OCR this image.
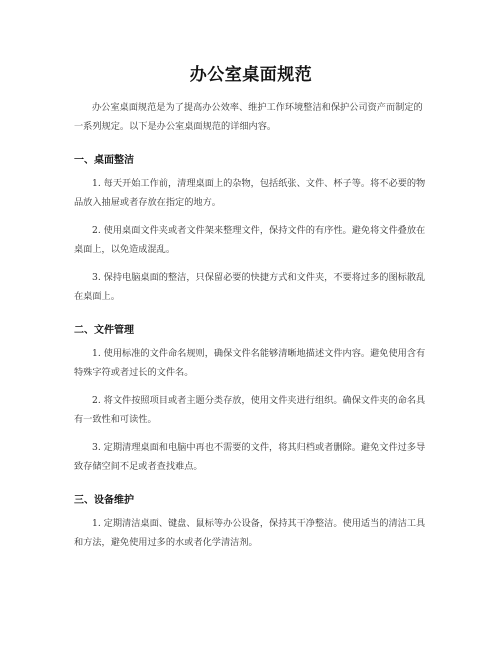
办公室桌面规范

办公室桌面规范是为了提高办公效率、维护工作环境整洁和保护公司资产而制定的一系列规定。以下是办公室桌面规范的详细内容。

一、桌面整洁

1. 每天开始工作前，清理桌面上的杂物，包括纸张、文件、杯子等。将不必要的物品放入抽屉或者存放在指定的地方。

2. 使用桌面文件夹或者文件架来整理文件，保持文件的有序性。避免将文件叠放在桌面上，以免造成混乱。

3. 保持电脑桌面的整洁，只保留必要的快捷方式和文件夹，不要将过多的图标散乱在桌面上。

二、文件管理

1. 使用标准的文件命名规则，确保文件名能够清晰地描述文件内容。避免使用含有特殊字符或者过长的文件名。

2. 将文件按照项目或者主题分类存放，使用文件夹进行组织。确保文件夹的命名具有一致性和可读性。

3. 定期清理桌面和电脑中再也不需要的文件，将其归档或者删除。避免文件过多导致存储空间不足或者查找难点。

三、设备维护

1. 定期清洁桌面、键盘、鼠标等办公设备，保持其干净整洁。使用适当的清洁工具和方法，避免使用过多的水或者化学清洁剂。
